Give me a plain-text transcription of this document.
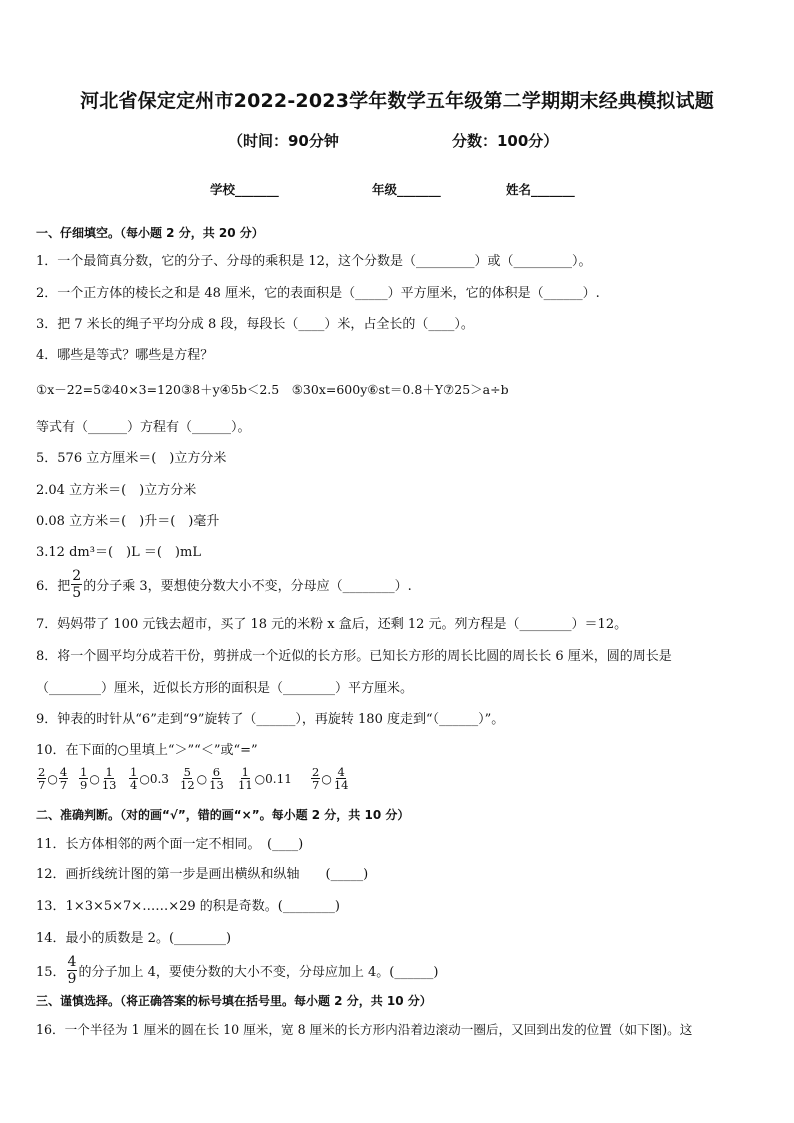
河北省保定定州市2022-2023学年数学五年级第二学期期末经典模拟试题
（时间：90分钟	分数：100分）
学校_______	年级_______	姓名_______
一、仔细填空。（每小题 2 分，共 20 分）
1．一个最简真分数，它的分子、分母的乘积是 12，这个分数是（_________）或（_________）。
2．一个正方体的棱长之和是 48 厘米，它的表面积是（_____）平方厘米，它的体积是（______）.
3．把 7 米长的绳子平均分成 8 段，每段长（____）米，占全长的（____）。
4．哪些是等式？哪些是方程？
①x－22=5②40×3=120③8＋y④5b＜2.5　⑤30x=600y⑥st＝0.8＋Y⑦25＞a÷b
等式有（______）方程有（______）。
5．576 立方厘米＝(　)立方分米
2.04 立方米＝(　)立方分米
0.08 立方米＝(　)升＝(　)毫升
3.12 dm³＝(　)L ＝(　)mL
6．把 $\frac{2}{5}$ 的分子乘 3，要想使分数大小不变，分母应（________）.
7．妈妈带了 100 元钱去超市，买了 18 元的米粉 x 盒后，还剩 12 元。列方程是（________）＝12。
8．将一个圆平均分成若干份，剪拼成一个近似的长方形。已知长方形的周长比圆的周长长 6 厘米，圆的周长是
（________）厘米，近似长方形的面积是（________）平方厘米。
9．钟表的时针从“6”走到“9”旋转了（______），再旋转 180 度走到“（______）”。
10．在下面的○里填上“＞”“＜”或“=”
$\frac{2}{7}$ ○ $\frac{4}{7} \frac{1}{9}$ ○ $\frac{1}{13} \frac{1}{4}$ ○ $0.3 \frac{5}{12}$ ○ $\frac{6}{13} \frac{1}{11}$ ○ $0.11 \frac{2}{7}$ ○ $\frac{4}{14}$
二、准确判断。（对的画“√”，错的画“×”。每小题 2 分，共 10 分）
11．长方体相邻的两个面一定不相同。　(____)
12．画折线统计图的第一步是画出横纵和纵轴　　(_____)
13．1×3×5×7×……×29 的积是奇数。(________)
14．最小的质数是 2。(________)
15． $\frac{4}{9}$ 的分子加上 4，要使分数的大小不变，分母应加上 4。(______)
三、谨慎选择。（将正确答案的标号填在括号里。每小题 2 分，共 10 分）
16．一个半径为 1 厘米的圆在长 10 厘米，宽 8 厘米的长方形内沿着边滚动一圈后，又回到出发的位置（如下图)。这
